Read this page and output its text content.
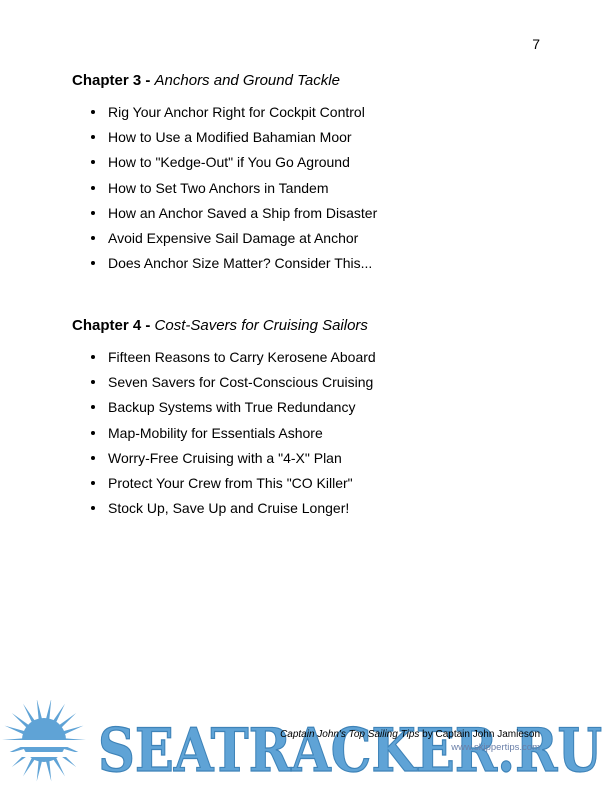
7
Chapter 3 - Anchors and Ground Tackle
Rig Your Anchor Right for Cockpit Control
How to Use a Modified Bahamian Moor
How to "Kedge-Out" if You Go Aground
How to Set Two Anchors in Tandem
How an Anchor Saved a Ship from Disaster
Avoid Expensive Sail Damage at Anchor
Does Anchor Size Matter? Consider This...
Chapter 4 - Cost-Savers for Cruising Sailors
Fifteen Reasons to Carry Kerosene Aboard
Seven Savers for Cost-Conscious Cruising
Backup Systems with True Redundancy
Map-Mobility for Essentials Ashore
Worry-Free Cruising with a "4-X" Plan
Protect Your Crew from This "CO Killer"
Stock Up, Save Up and Cruise Longer!
SEATRACKER.RU
Captain John's Top Sailing Tips by Captain John Jamieson
www.skippertips.com
